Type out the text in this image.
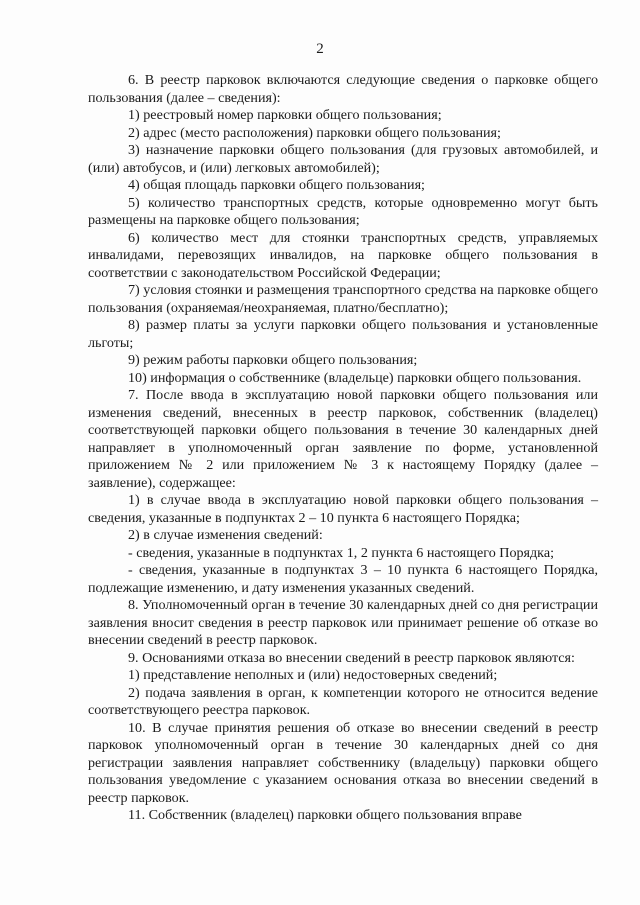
2

6. В реестр парковок включаются следующие сведения о парковке общего пользования (далее – сведения):

1) реестровый номер парковки общего пользования;

2) адрес (место расположения) парковки общего пользования;

3) назначение парковки общего пользования (для грузовых автомобилей, и (или) автобусов, и (или) легковых автомобилей);

4) общая площадь парковки общего пользования;

5) количество транспортных средств, которые одновременно могут быть размещены на парковке общего пользования;

6) количество мест для стоянки транспортных средств, управляемых инвалидами, перевозящих инвалидов, на парковке общего пользования в соответствии с законодательством Российской Федерации;

7) условия стоянки и размещения транспортного средства на парковке общего пользования (охраняемая/неохраняемая, платно/бесплатно);

8) размер платы за услуги парковки общего пользования и установленные льготы;

9) режим работы парковки общего пользования;

10) информация о собственнике (владельце) парковки общего пользования.

7. После ввода в эксплуатацию новой парковки общего пользования или изменения сведений, внесенных в реестр парковок, собственник (владелец) соответствующей парковки общего пользования в течение 30 календарных дней направляет в уполномоченный орган заявление по форме, установленной приложением № 2 или приложением № 3 к настоящему Порядку (далее – заявление), содержащее:

1) в случае ввода в эксплуатацию новой парковки общего пользования – сведения, указанные в подпунктах 2 – 10 пункта 6 настоящего Порядка;

2) в случае изменения сведений:

- сведения, указанные в подпунктах 1, 2 пункта 6 настоящего Порядка;

- сведения, указанные в подпунктах 3 – 10 пункта 6 настоящего Порядка, подлежащие изменению, и дату изменения указанных сведений.

8. Уполномоченный орган в течение 30 календарных дней со дня регистрации заявления вносит сведения в реестр парковок или принимает решение об отказе во внесении сведений в реестр парковок.

9. Основаниями отказа во внесении сведений в реестр парковок являются:

1) представление неполных и (или) недостоверных сведений;

2) подача заявления в орган, к компетенции которого не относится ведение соответствующего реестра парковок.

10. В случае принятия решения об отказе во внесении сведений в реестр парковок уполномоченный орган в течение 30 календарных дней со дня регистрации заявления направляет собственнику (владельцу) парковки общего пользования уведомление с указанием основания отказа во внесении сведений в реестр парковок.

11. Собственник (владелец) парковки общего пользования вправе
